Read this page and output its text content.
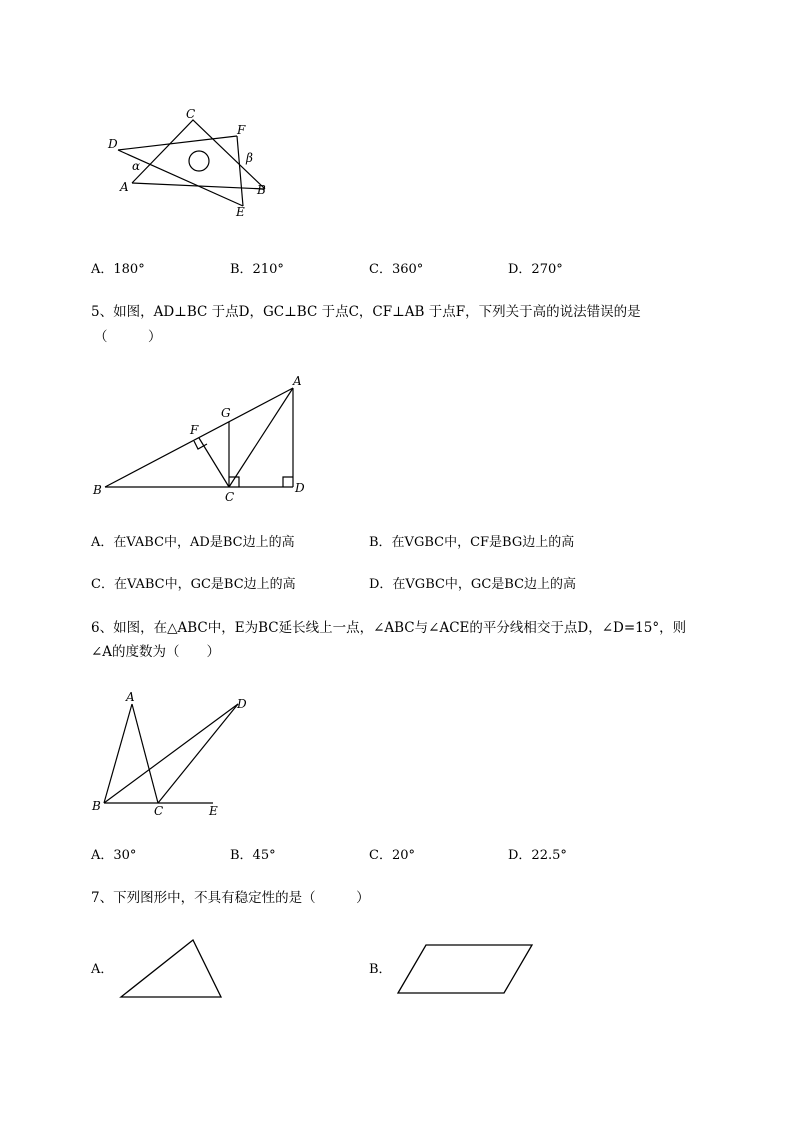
C
F
D
β
α
A	B
E
A．180°	B．210°	C．360°	D．270°
5、如图，AD⊥BC 于点D，GC⊥BC 于点C，CF⊥AB 于点F，下列关于高的说法错误的是
（　　　）
A
G
F
B	C
D
A．在VABC中，AD是BC边上的高	B．在VGBC中，CF是BG边上的高
C．在VABC中，GC是BC边上的高	D．在VGBC中，GC是BC边上的高
6、如图，在△ABC中，E为BC延长线上一点，∠ABC与∠ACE的平分线相交于点D，∠D=15°，则
∠A的度数为（　　）
A	D
B	C	E
A．30°	B．45°	C．20°	D．22.5°
7、下列图形中，不具有稳定性的是（　　　）
A．	B．
